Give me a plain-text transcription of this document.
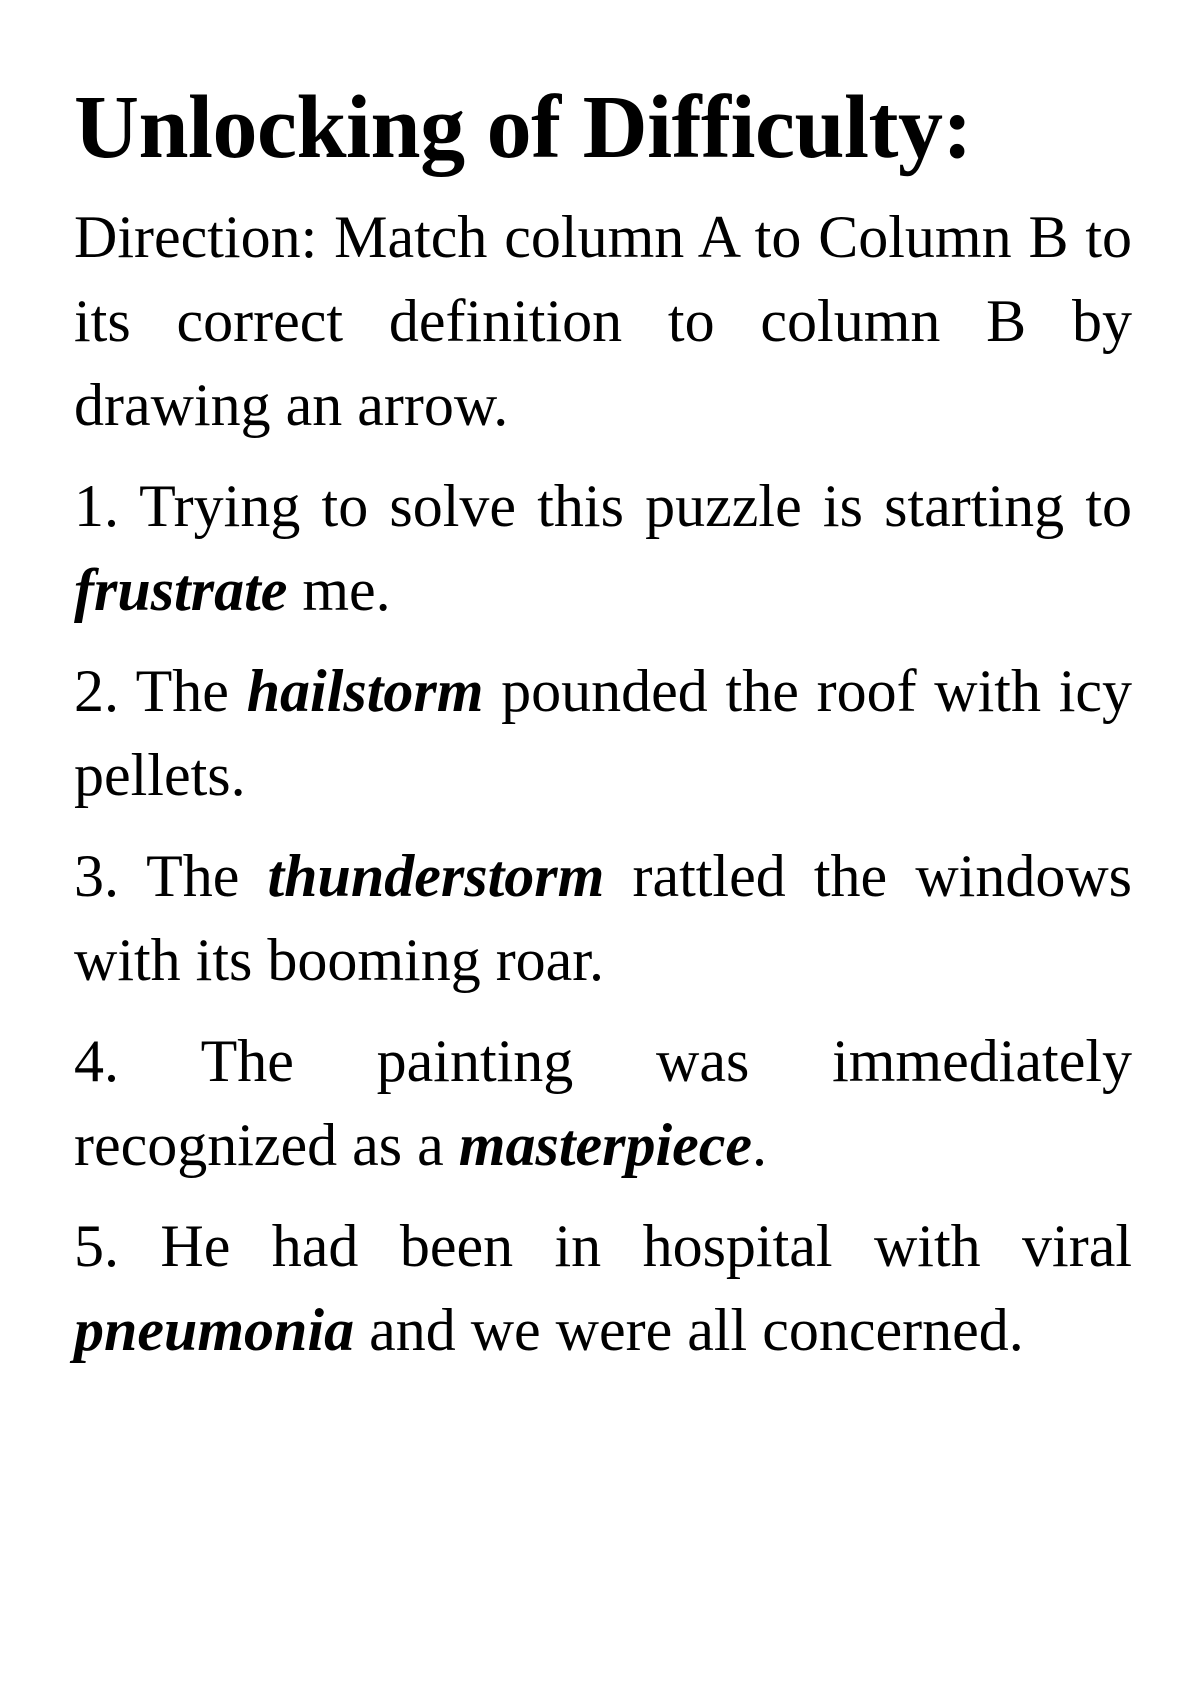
Unlocking of Difficulty:

Direction: Match column A to Column B to its correct definition to column B by drawing an arrow.

1. Trying to solve this puzzle is starting to frustrate me.

2. The hailstorm pounded the roof with icy pellets.

3. The thunderstorm rattled the windows with its booming roar.

4. The painting was immediately recognized as a masterpiece.

5. He had been in hospital with viral pneumonia and we were all concerned.
